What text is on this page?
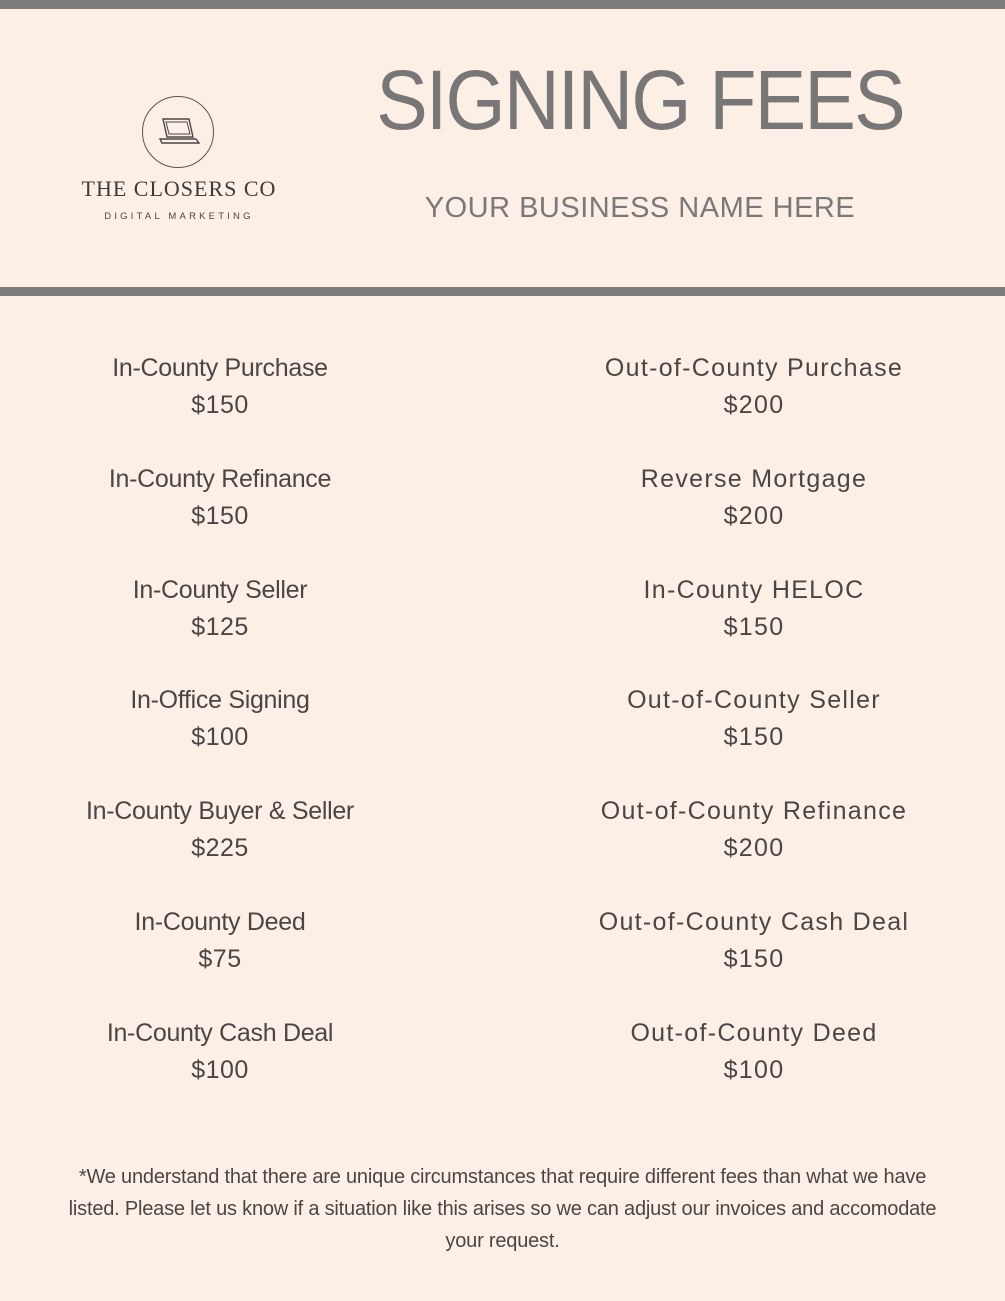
THE CLOSERS CO
DIGITAL MARKETING
SIGNING FEES
YOUR BUSINESS NAME HERE
In-County Purchase
$150
In-County Refinance
$150
In-County Seller
$125
In-Office Signing
$100
In-County Buyer & Seller
$225
In-County Deed
$75
In-County Cash Deal
$100
Out-of-County Purchase
$200
Reverse Mortgage
$200
In-County HELOC
$150
Out-of-County Seller
$150
Out-of-County Refinance
$200
Out-of-County Cash Deal
$150
Out-of-County Deed
$100
*We understand that there are unique circumstances that require different fees than what we have listed. Please let us know if a situation like this arises so we can adjust our invoices and accomodate your request.
